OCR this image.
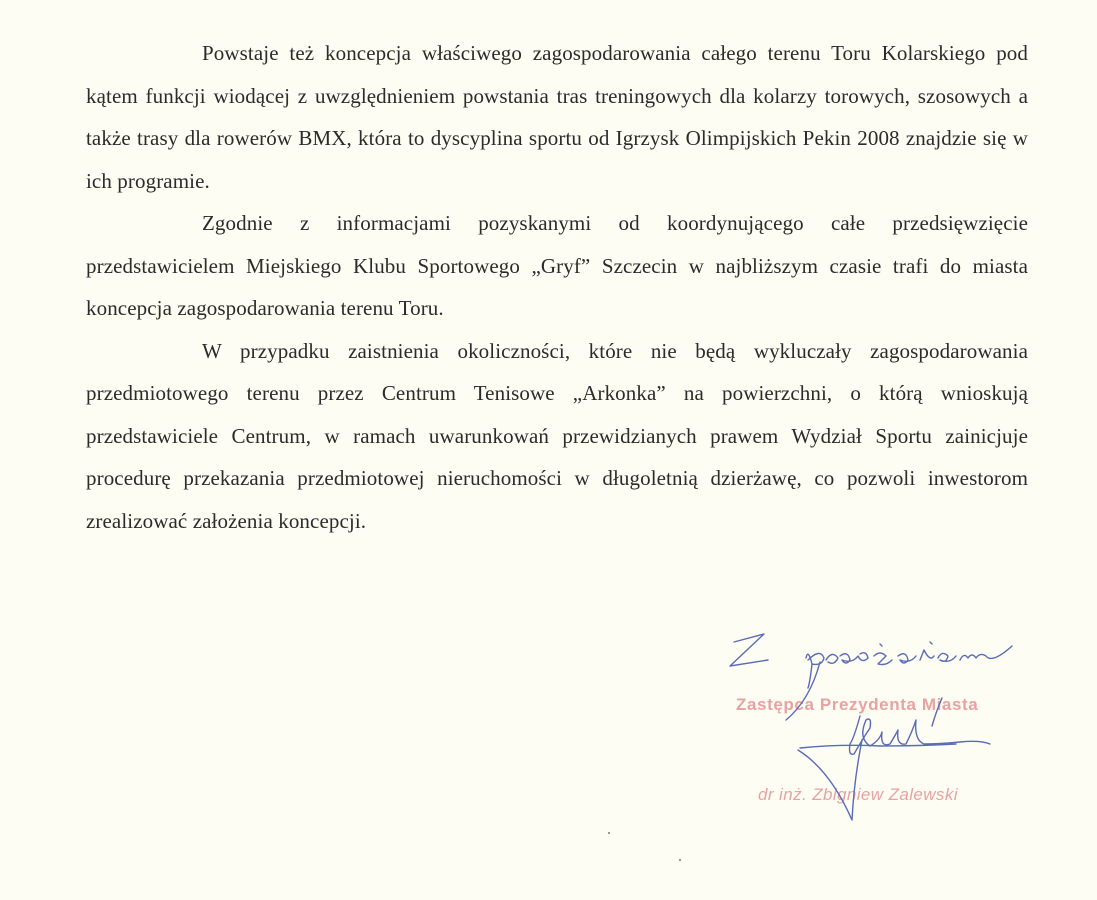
Powstaje też koncepcja właściwego zagospodarowania całego terenu Toru Kolarskiego pod kątem funkcji wiodącej z uwzględnieniem powstania tras treningowych dla kolarzy torowych, szosowych a także trasy dla rowerów BMX, która to dyscyplina sportu od Igrzysk Olimpijskich Pekin 2008 znajdzie się w ich programie.

Zgodnie z informacjami pozyskanymi od koordynującego całe przedsięwzięcie przedstawicielem Miejskiego Klubu Sportowego „Gryf” Szczecin w najbliższym czasie trafi do miasta koncepcja zagospodarowania terenu Toru.

W przypadku zaistnienia okoliczności, które nie będą wykluczały zagospodarowania przedmiotowego terenu przez Centrum Tenisowe „Arkonka” na powierzchni, o którą wnioskują przedstawiciele Centrum, w ramach uwarunkowań przewidzianych prawem Wydział Sportu zainicjuje procedurę przekazania przedmiotowej nieruchomości w długoletnią dzierżawę, co pozwoli inwestorom zrealizować założenia koncepcji.

Zastępca Prezydenta Miasta
dr inż. Zbigniew Zalewski
